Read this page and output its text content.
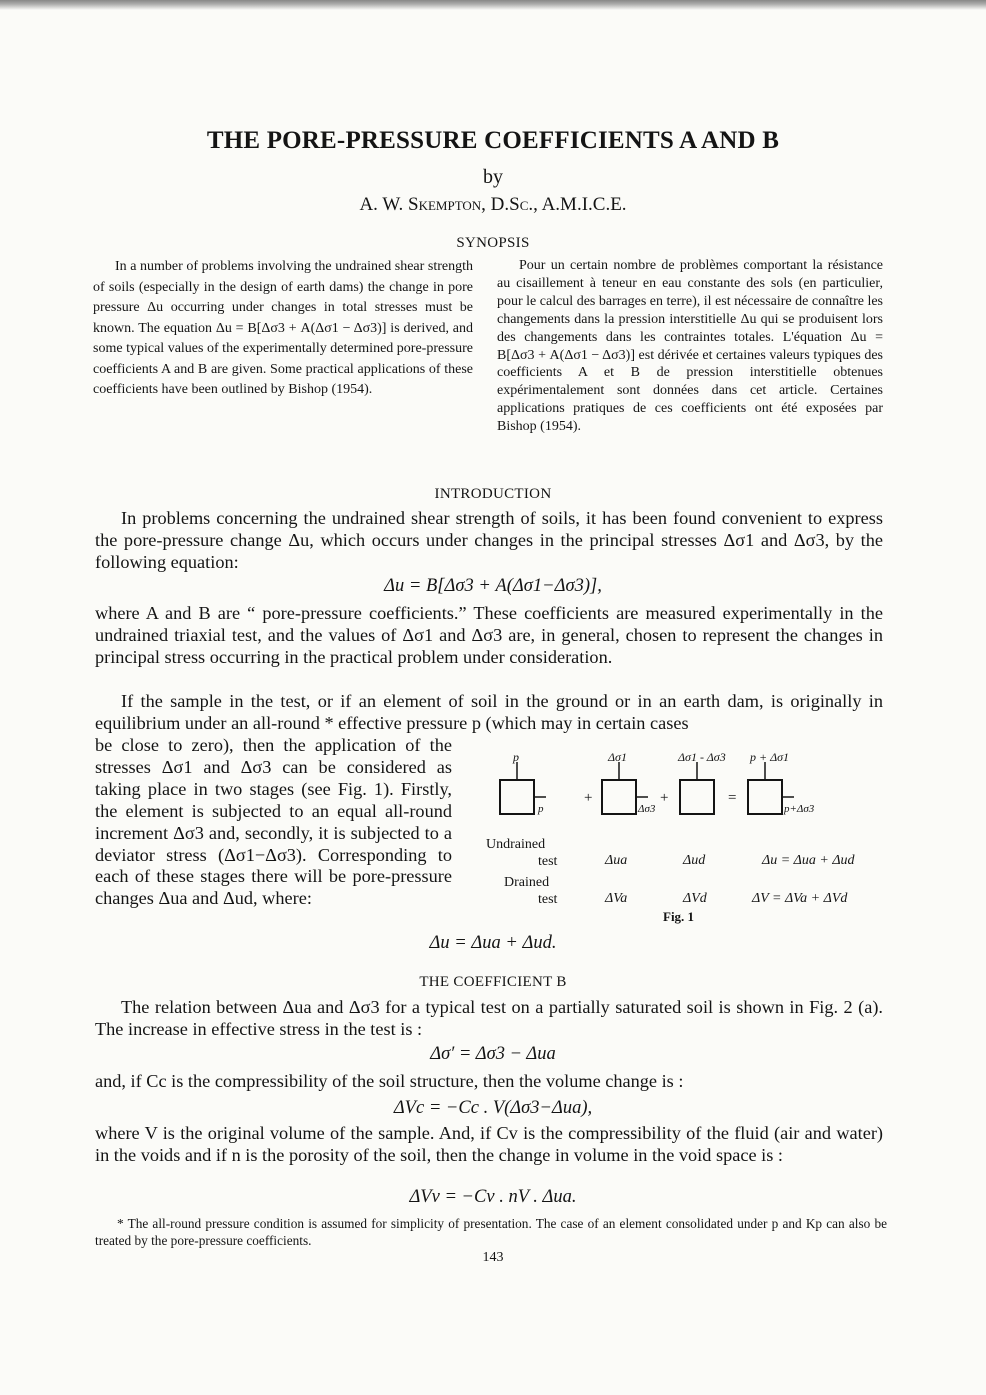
THE PORE-PRESSURE COEFFICIENTS A AND B
by
A. W. Skempton, D.Sc., A.M.I.C.E.
SYNOPSIS
In a number of problems involving the undrained shear strength of soils (especially in the design of earth dams) the change in pore pressure Δu occurring under changes in total stresses must be known. The equation Δu = B[Δσ3 + A(Δσ1 − Δσ3)] is derived, and some typical values of the experimentally determined pore-pressure coefficients A and B are given. Some practical applications of these coefficients have been outlined by Bishop (1954).
Pour un certain nombre de problèmes comportant la résistance au cisaillement à teneur en eau constante des sols (en particulier, pour le calcul des barrages en terre), il est nécessaire de connaître les changements dans la pression interstitielle Δu qui se produisent lors des changements dans les contraintes totales. L'équation Δu = B[Δσ3 + A(Δσ1 − Δσ3)] est dérivée et certaines valeurs typiques des coefficients A et B de pression interstitielle obtenues expérimentalement sont données dans cet article. Certaines applications pratiques de ces coefficients ont été exposées par Bishop (1954).
INTRODUCTION

In problems concerning the undrained shear strength of soils, it has been found convenient to express the pore-pressure change Δu, which occurs under changes in the principal stresses Δσ1 and Δσ3, by the following equation:

Δu = B[Δσ3 + A(Δσ1−Δσ3)],

where A and B are “ pore-pressure coefficients.” These coefficients are measured experimentally in the undrained triaxial test, and the values of Δσ1 and Δσ3 are, in general, chosen to represent the changes in principal stress occurring in the practical problem under consideration.

If the sample in the test, or if an element of soil in the ground or in an earth dam, is originally in equilibrium under an all-round * effective pressure p (which may in certain cases

be close to zero), then the application of the stresses Δσ1 and Δσ3 can be considered as taking place in two stages (see Fig. 1). Firstly, the element is subjected to an equal all-round increment Δσ3 and, secondly, it is subjected to a deviator stress (Δσ1−Δσ3). Corresponding to each of these stages there will be pore-pressure changes Δua and Δud, where:
p	Δσ1	Δσ1 - Δσ3 p + Δσ1
p	Δσ3	p+Δσ3
+	+	=
Undrained
test	Δua	Δud	Δu = Δua + Δud
Drained
test	ΔVa	ΔVd	ΔV = ΔVa + ΔVd
Fig. 1
Δu = Δua + Δud.
THE COEFFICIENT B

The relation between Δua and Δσ3 for a typical test on a partially saturated soil is shown in Fig. 2 (a). The increase in effective stress in the test is :

Δσ′ = Δσ3 − Δua

and, if Cc is the compressibility of the soil structure, then the volume change is :

ΔVc = −Cc . V(Δσ3−Δua),

where V is the original volume of the sample. And, if Cv is the compressibility of the fluid (air and water) in the voids and if n is the porosity of the soil, then the change in volume in the void space is :

ΔVv = −Cv . nV . Δua.
* The all-round pressure condition is assumed for simplicity of presentation. The case of an element consolidated under p and Kp can also be treated by the pore-pressure coefficients.
143
